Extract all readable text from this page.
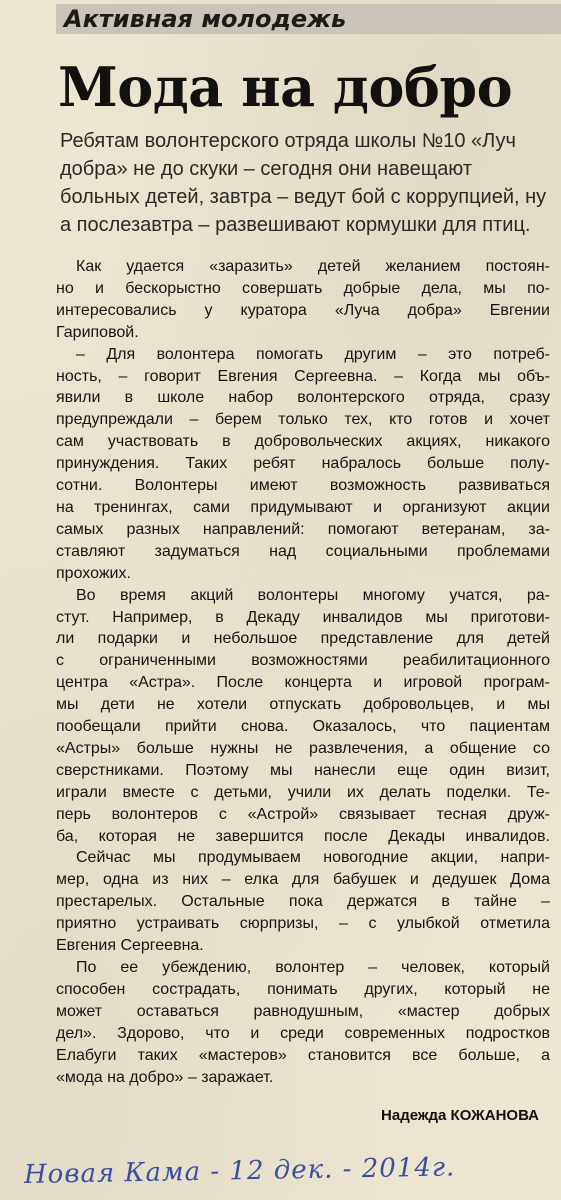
Активная молодежь
Мода на добро
Ребятам волонтерского отряда школы №10 «Луч
добра» не до скуки – сегодня они навещают
больных детей, завтра – ведут бой с коррупцией, ну
а послезавтра – развешивают кормушки для птиц.
Как удается «заразить» детей желанием постоян-
но и бескорыстно совершать добрые дела, мы по-
интересовались у куратора «Луча добра» Евгении
Гариповой.
– Для волонтера помогать другим – это потреб-
ность, – говорит Евгения Сергеевна. – Когда мы объ-
явили в школе набор волонтерского отряда, сразу
предупреждали – берем только тех, кто готов и хочет
сам участвовать в добровольческих акциях, никакого
принуждения. Таких ребят набралось больше полу-
сотни. Волонтеры имеют возможность развиваться
на тренингах, сами придумывают и организуют акции
самых разных направлений: помогают ветеранам, за-
ставляют задуматься над социальными проблемами
прохожих.
Во время акций волонтеры многому учатся, ра-
стут. Например, в Декаду инвалидов мы приготови-
ли подарки и небольшое представление для детей
с ограниченными возможностями реабилитационного
центра «Астра». После концерта и игровой програм-
мы дети не хотели отпускать добровольцев, и мы
пообещали прийти снова. Оказалось, что пациентам
«Астры» больше нужны не развлечения, а общение со
сверстниками. Поэтому мы нанесли еще один визит,
играли вместе с детьми, учили их делать поделки. Те-
перь волонтеров с «Астрой» связывает тесная друж-
ба, которая не завершится после Декады инвалидов.
Сейчас мы продумываем новогодние акции, напри-
мер, одна из них – елка для бабушек и дедушек Дома
престарелых. Остальные пока держатся в тайне –
приятно устраивать сюрпризы, – с улыбкой отметила
Евгения Сергеевна.
По ее убеждению, волонтер – человек, который
способен сострадать, понимать других, который не
может оставаться равнодушным, «мастер добрых
дел». Здорово, что и среди современных подростков
Елабуги таких «мастеров» становится все больше, а
«мода на добро» – заражает.
Надежда КОЖАНОВА
Новая Кама - 12 дек. - 2014г.
